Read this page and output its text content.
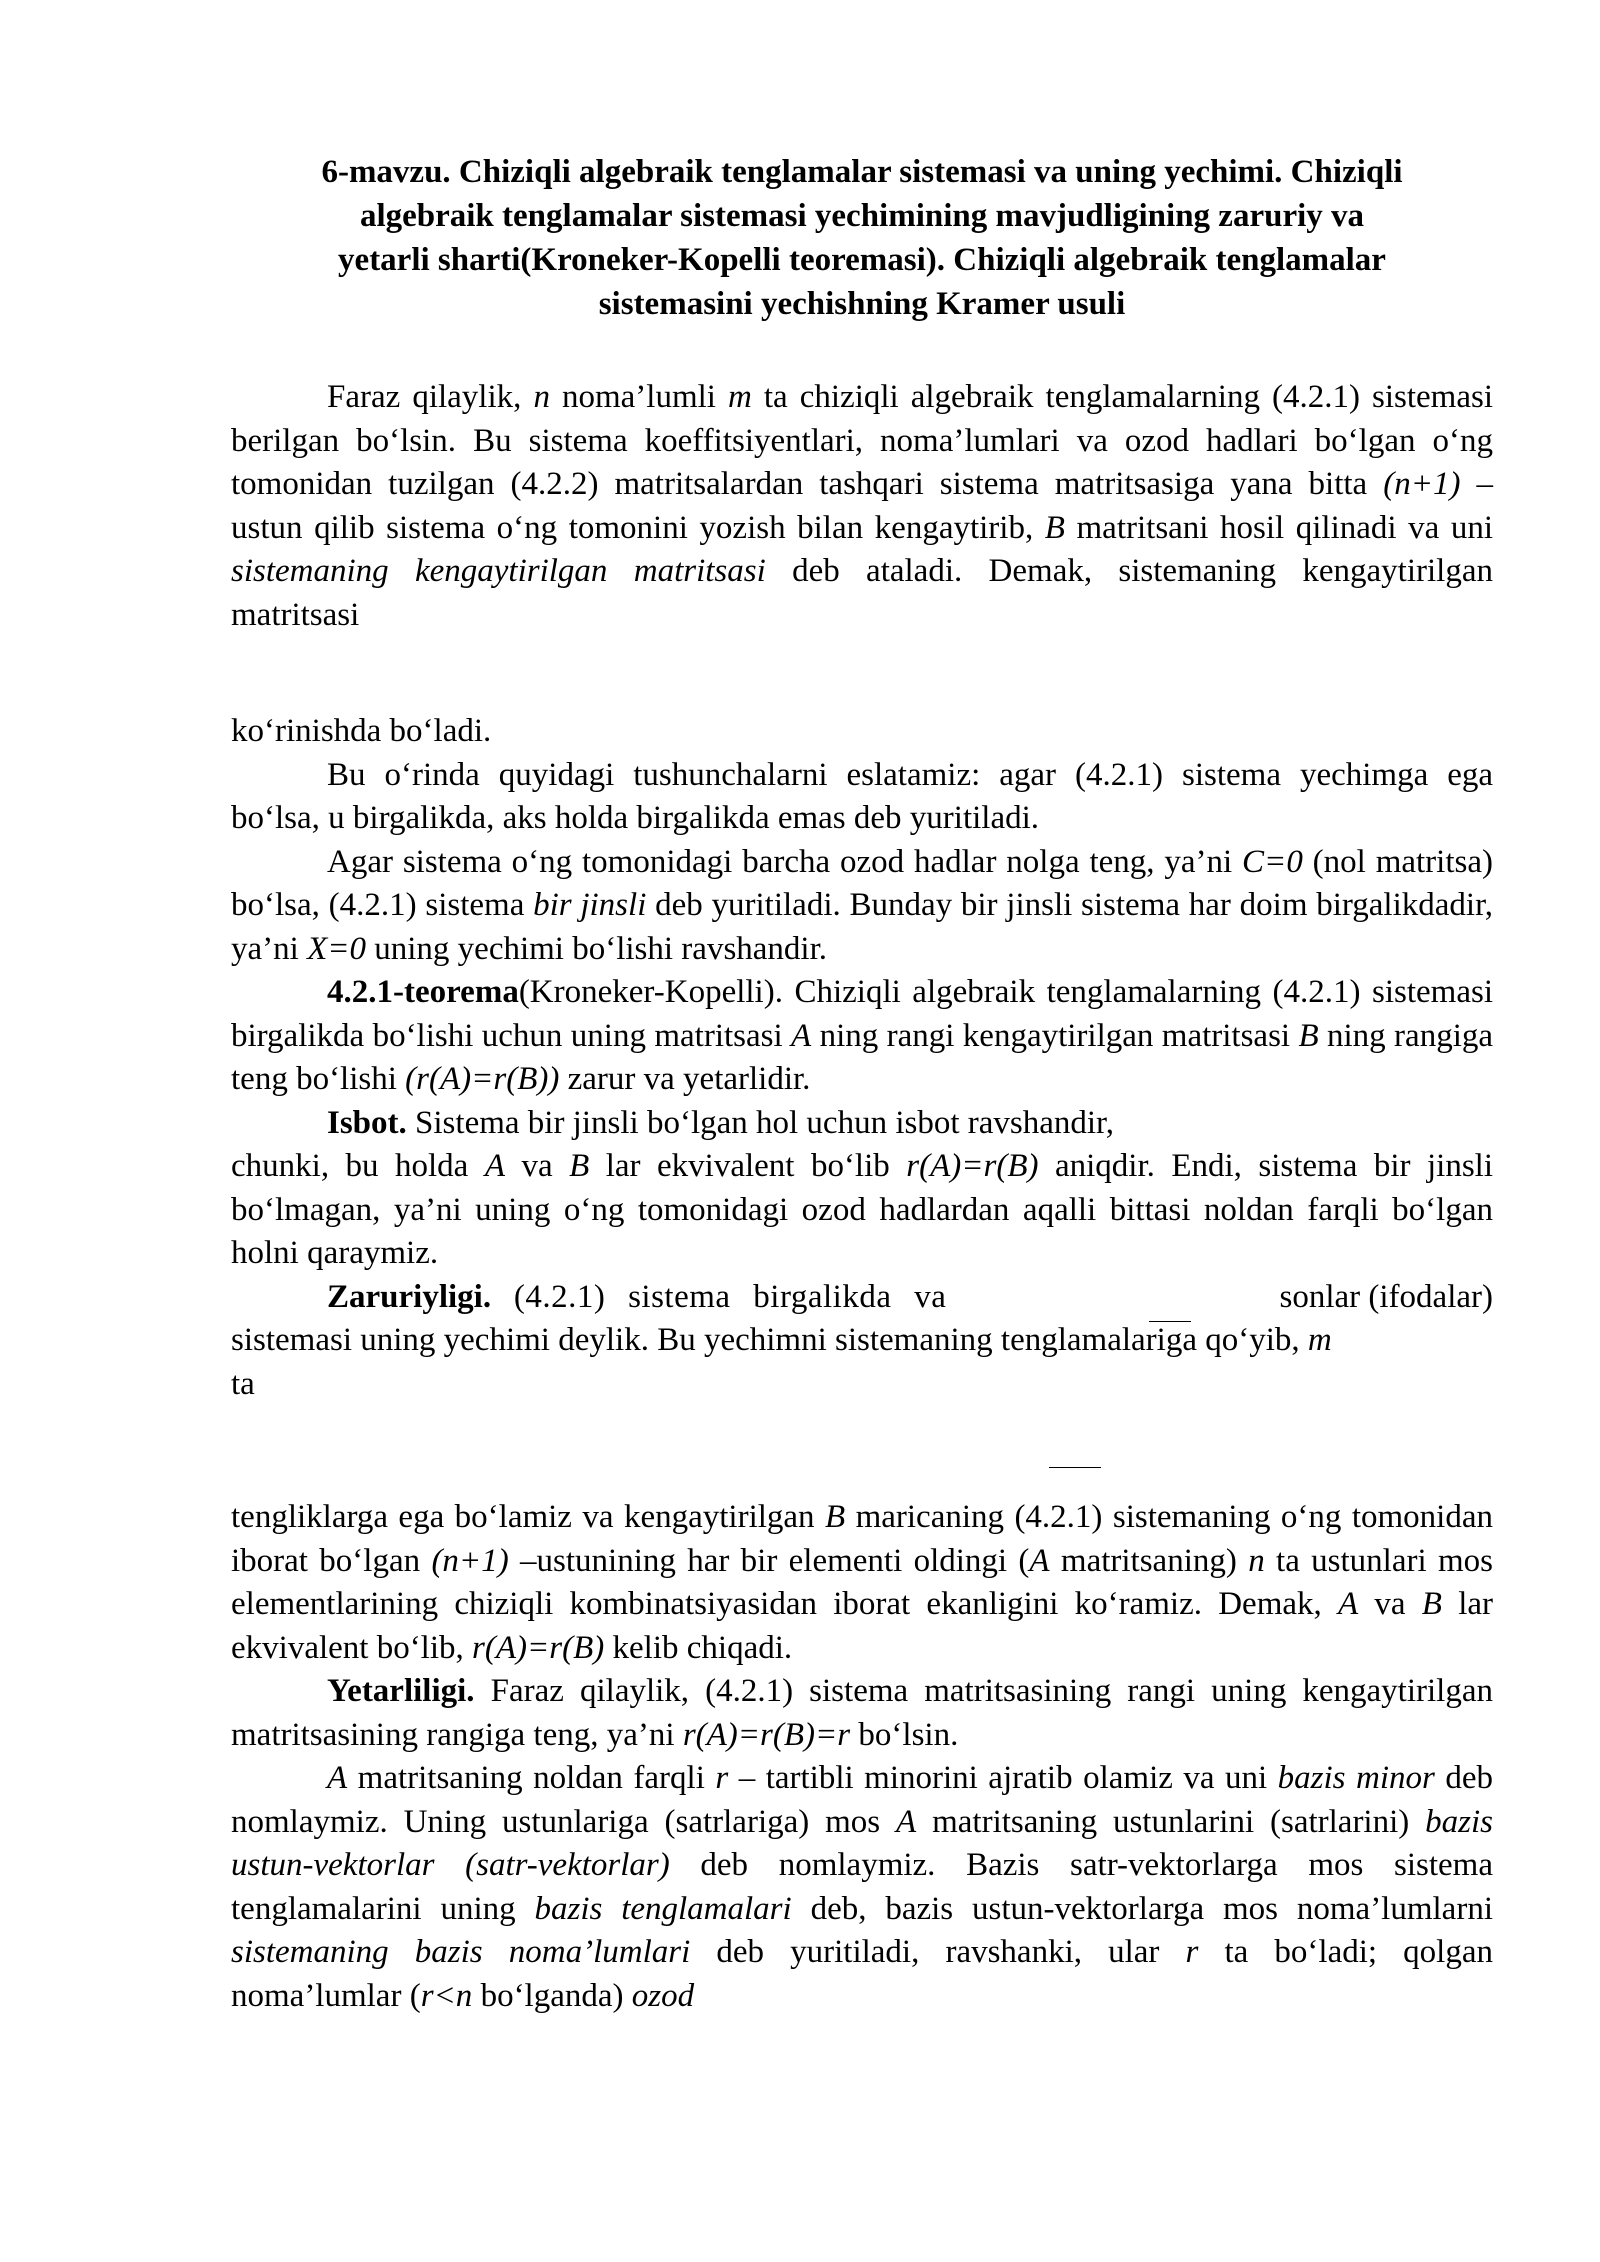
6-mavzu. Chiziqli algebraik tenglamalar sistemasi va uning yechimi. Chiziqli
algebraik tenglamalar sistemasi yechimining mavjudligining zaruriy va
yetarli sharti(Kroneker-Kopelli teoremasi). Chiziqli algebraik tenglamalar
sistemasini yechishning Kramer usuli

Faraz qilaylik, n noma’lumli m ta chiziqli algebraik tenglamalarning (4.2.1) sistemasi berilgan bo‘lsin. Bu sistema koeffitsiyentlari, noma’lumlari va ozod hadlari bo‘lgan o‘ng tomonidan tuzilgan (4.2.2) matritsalardan tashqari sistema matritsasiga yana bitta (n+1) – ustun qilib sistema o‘ng tomonini yozish bilan kengaytirib, B matritsani hosil qilinadi va uni sistemaning kengaytirilgan matritsasi deb ataladi. Demak, sistemaning kengaytirilgan matritsasi

ko‘rinishda bo‘ladi.

Bu o‘rinda quyidagi tushunchalarni eslatamiz: agar (4.2.1) sistema yechimga ega bo‘lsa, u birgalikda, aks holda birgalikda emas deb yuritiladi.

Agar sistema o‘ng tomonidagi barcha ozod hadlar nolga teng, ya’ni C=0 (nol matritsa) bo‘lsa, (4.2.1) sistema bir jinsli deb yuritiladi. Bunday bir jinsli sistema har doim birgalikdadir, ya’ni X=0 uning yechimi bo‘lishi ravshandir.

4.2.1-teorema(Kroneker-Kopelli). Chiziqli algebraik tenglamalarning (4.2.1) sistemasi birgalikda bo‘lishi uchun uning matritsasi A ning rangi kengaytirilgan matritsasi B ning rangiga teng bo‘lishi (r(A)=r(B)) zarur va yetarlidir.

Isbot. Sistema bir jinsli bo‘lgan hol uchun isbot ravshandir,

chunki, bu holda A va B lar ekvivalent bo‘lib r(A)=r(B) aniqdir. Endi, sistema bir jinsli bo‘lmagan, ya’ni uning o‘ng tomonidagi ozod hadlardan aqalli bittasi noldan farqli bo‘lgan holni qaraymiz.

Zaruriyligi. (4.2.1) sistema birgalikda va	sonlar (ifodalar)

sistemasi uning yechimi deylik. Bu yechimni sistemaning tenglamalariga qo‘yib, m

ta

tengliklarga ega bo‘lamiz va kengaytirilgan B maricaning (4.2.1) sistemaning o‘ng tomonidan iborat bo‘lgan (n+1) –ustunining har bir elementi oldingi (A matritsaning) n ta ustunlari mos elementlarining chiziqli kombinatsiyasidan iborat ekanligini ko‘ramiz. Demak, A va B lar ekvivalent bo‘lib, r(A)=r(B) kelib chiqadi.

Yetarliligi. Faraz qilaylik, (4.2.1) sistema matritsasining rangi uning kengaytirilgan matritsasining rangiga teng, ya’ni r(A)=r(B)=r bo‘lsin.

A matritsaning noldan farqli r – tartibli minorini ajratib olamiz va uni bazis minor deb nomlaymiz. Uning ustunlariga (satrlariga) mos A matritsaning ustunlarini (satrlarini) bazis ustun-vektorlar (satr-vektorlar) deb nomlaymiz. Bazis satr-vektorlarga mos sistema tenglamalarini uning bazis tenglamalari deb, bazis ustun-vektorlarga mos noma’lumlarni sistemaning bazis noma’lumlari deb yuritiladi, ravshanki, ular r ta bo‘ladi; qolgan noma’lumlar (r<n bo‘lganda) ozod
